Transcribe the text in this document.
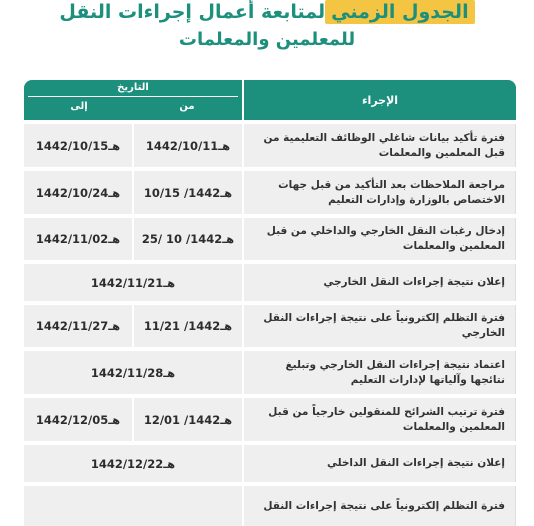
الجدول الزمنيلمتابعة أعمال إجراءات النقل
للمعلمين والمعلمات
الإجراء
التاريخ
من
إلى
فترة تأكيد بيانات شاغلي الوظائف التعليمية من قبل المعلمين والمعلمات
1442/10/11هـ
1442/10/15هـ
مراجعة الملاحظات بعد التأكيد من قبل جهات الاختصاص بالوزارة وإدارات التعليم
10/15 /1442هـ
1442/10/24هـ
إدخال رغبات النقل الخارجي والداخلي من قبل المعلمين والمعلمات
25/ 10 /1442هـ
1442/11/02هـ
إعلان نتيجة إجراءات النقل الخارجي
1442/11/21هـ
فترة التظلم إلكترونياً على نتيجة إجراءات النقل الخارجي
11/21 /1442هـ
1442/11/27هـ
اعتماد نتيجة إجراءات النقل الخارجي وتبليغ نتائجها وآلياتها لإدارات التعليم
1442/11/28هـ
فترة ترتيب الشرائح للمنقولين خارجياً من قبل المعلمين والمعلمات
12/01 /1442هـ
1442/12/05هـ
إعلان نتيجة إجراءات النقل الداخلي
1442/12/22هـ
فترة التظلم إلكترونياً على نتيجة إجراءات النقل
